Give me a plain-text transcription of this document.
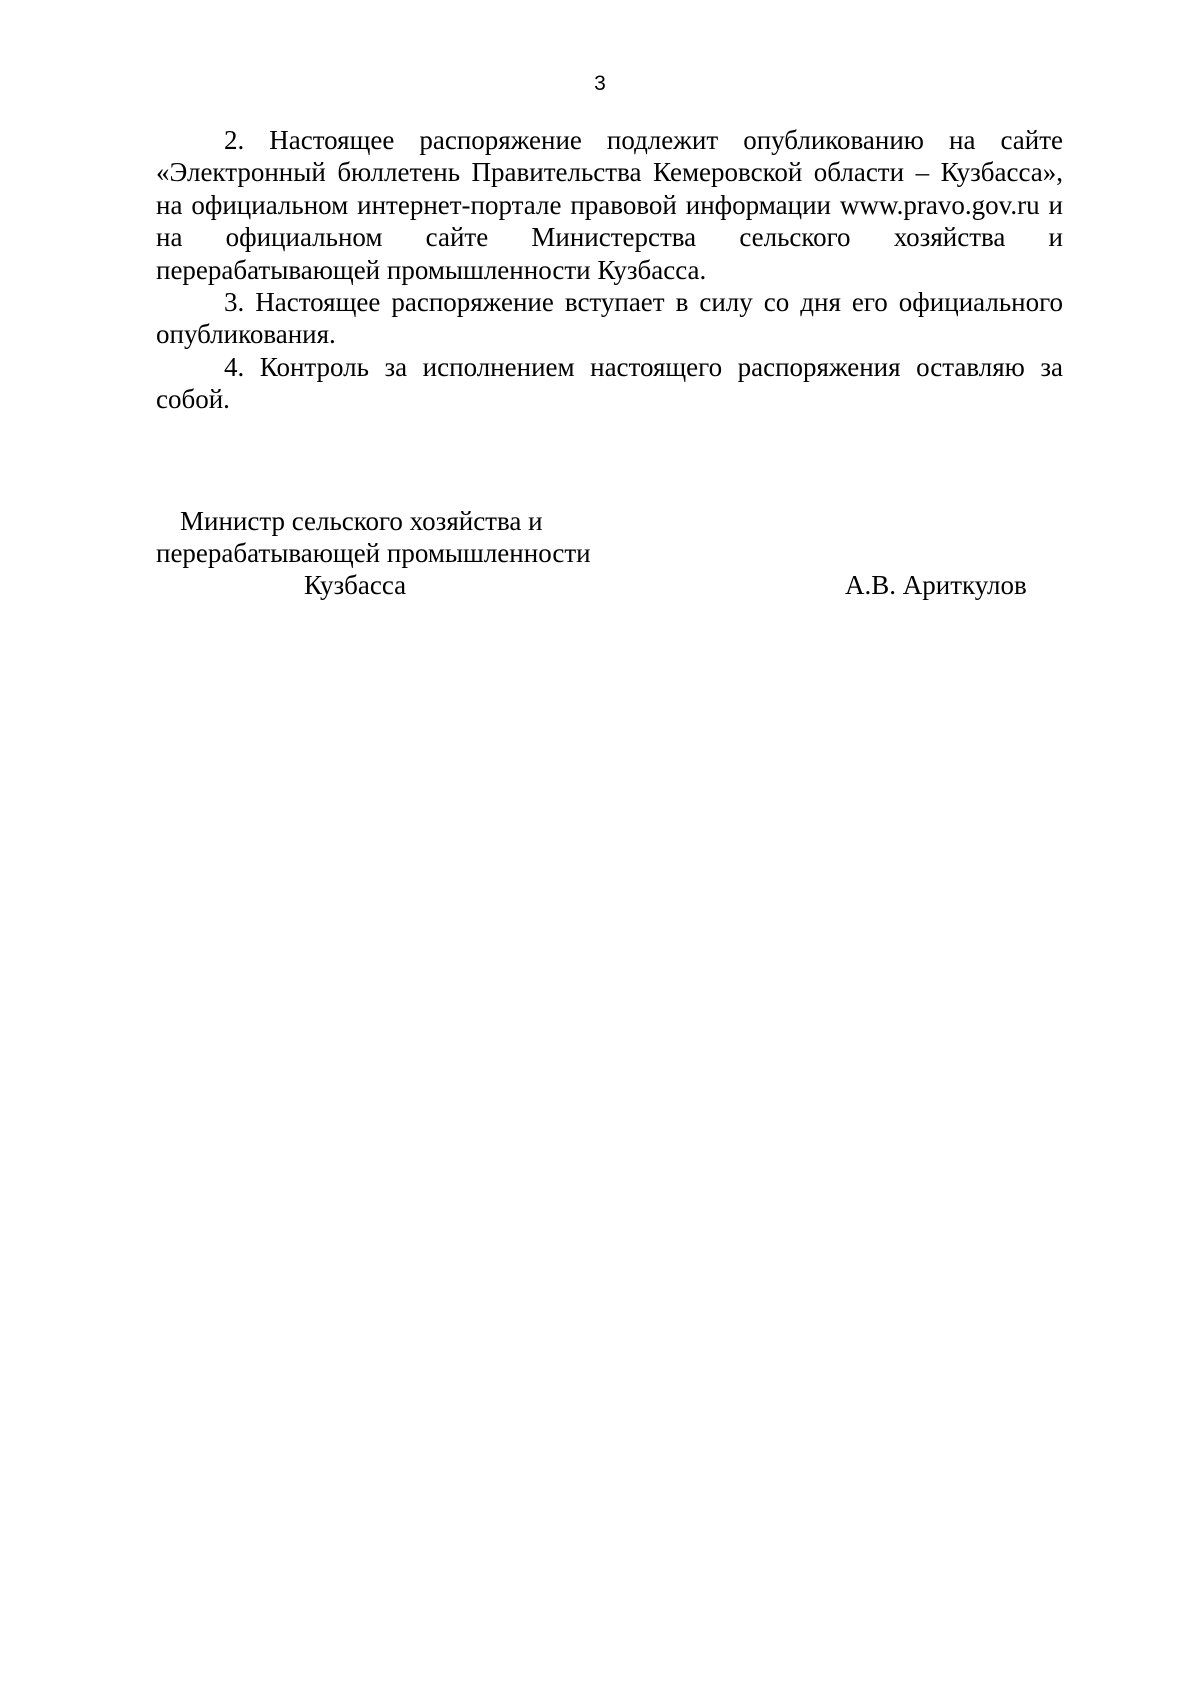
3

2. Настоящее распоряжение подлежит опубликованию на сайте «Электронный бюллетень Правительства Кемеровской области – Кузбасса», на официальном интернет-портале правовой информации www.pravo.gov.ru и на официальном сайте Министерства сельского хозяйства и перерабатывающей промышленности Кузбасса.

3. Настоящее распоряжение вступает в силу со дня его официального опубликования.

4. Контроль за исполнением настоящего распоряжения оставляю за собой.

Министр сельского хозяйства и
перерабатывающей промышленности
Кузбасса	А.В. Ариткулов
